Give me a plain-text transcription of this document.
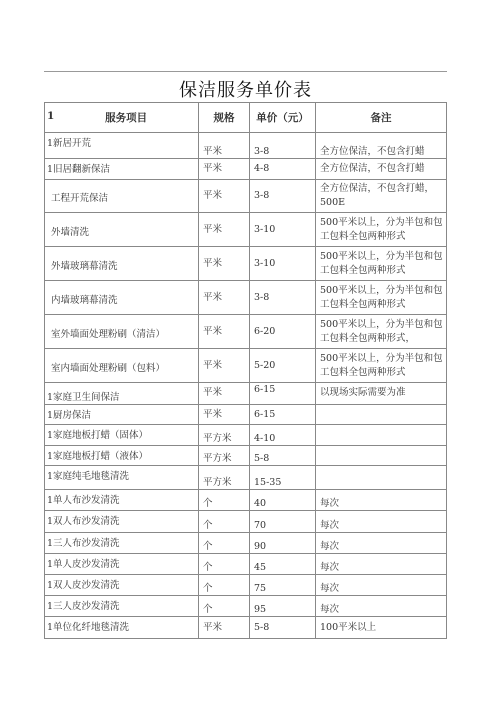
保洁服务单价表
1 服务项目	规格	单价（元）	备注
1新居开荒	平米	3-8	全方位保洁，不包含打蜡
1旧居翻新保洁	平米	4-8	全方位保洁，不包含打蜡
工程开荒保洁	平米	3-8	全方位保洁，不包含打蜡，500E
外墙清洗	平米	3-10	500平米以上，分为半包和包工包料全包两种形式
外墙玻璃幕清洗	平米	3-10	500平米以上，分为半包和包工包料全包两种形式
内墙玻璃幕清洗	平米	3-8	500平米以上，分为半包和包工包料全包两种形式
室外墙面处理粉刷（清洁）	平米	6-20	500平米以上，分为半包和包工包料全包两种形式，
室内墙面处理粉刷（包料）	平米	5-20	500平米以上，分为半包和包工包料全包两种形式
1家庭卫生间保洁	平米	6-15	以现场实际需要为准
1厨房保洁	平米	6-15	
1家庭地板打蜡（固体）	平方米	4-10	
1家庭地板打蜡（液体）	平方米	5-8	
1家庭纯毛地毯清洗	平方米	15-35	
1单人布沙发清洗	个	40	每次
1双人布沙发清洗	个	70	每次
1三人布沙发清洗	个	90	每次
1单人皮沙发清洗	个	45	每次
1双人皮沙发清洗	个	75	每次
1三人皮沙发清洗	个	95	每次
1单位化纤地毯清洗	平米	5-8	100平米以上
